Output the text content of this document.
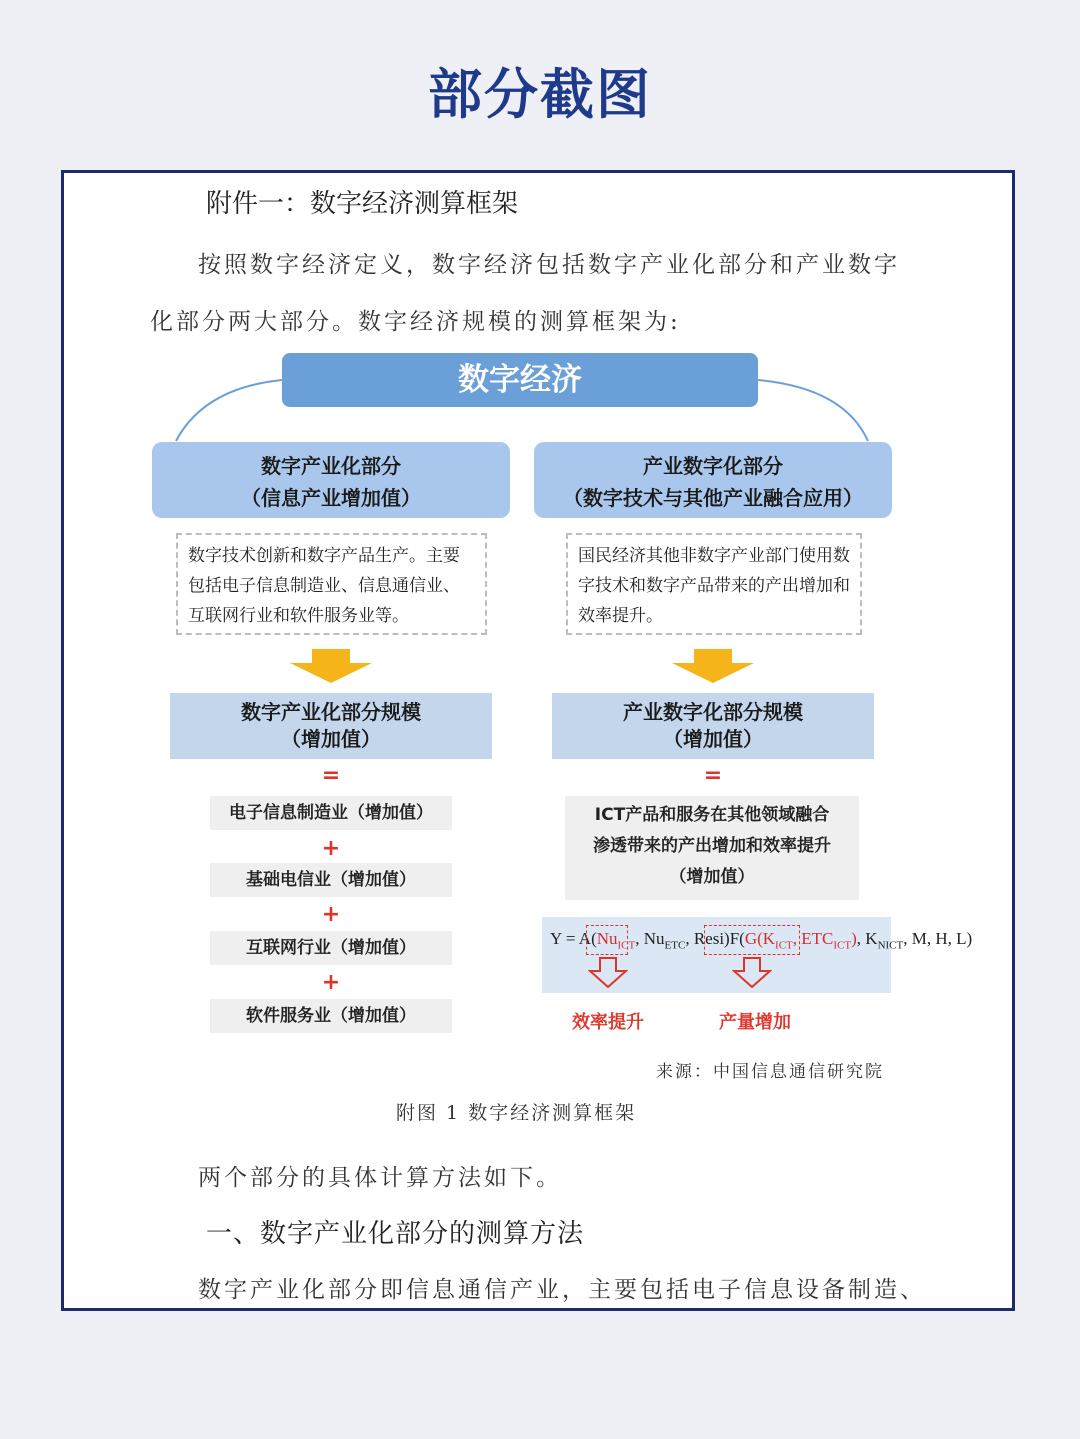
部分截图
附件一：数字经济测算框架
按照数字经济定义，数字经济包括数字产业化部分和产业数字
化部分两大部分。数字经济规模的测算框架为:
数字经济
数字产业化部分
（信息产业增加值）
产业数字化部分
（数字技术与其他产业融合应用）
数字技术创新和数字产品生产。主要包括电子信息制造业、信息通信业、互联网行业和软件服务业等。
国民经济其他非数字产业部门使用数字技术和数字产品带来的产出增加和效率提升。
数字产业化部分规模
（增加值）
产业数字化部分规模
（增加值）
=	=
电子信息制造业（增加值）
+
基础电信业（增加值）
+
互联网行业（增加值）
+
软件服务业（增加值）
ICT产品和服务在其他领域融合
渗透带来的产出增加和效率提升
（增加值）
$Y = A(Nu_{ICT}$, $Nu_{ETC}$, $Resi)F(G(K_{ICT}$, $ETC_{ICT}$), $K_{NICT}$, M, H, L)
效率提升	产量增加
来源：中国信息通信研究院
附图 1 数字经济测算框架
两个部分的具体计算方法如下。
一、数字产业化部分的测算方法
数字产业化部分即信息通信产业，主要包括电子信息设备制造、
